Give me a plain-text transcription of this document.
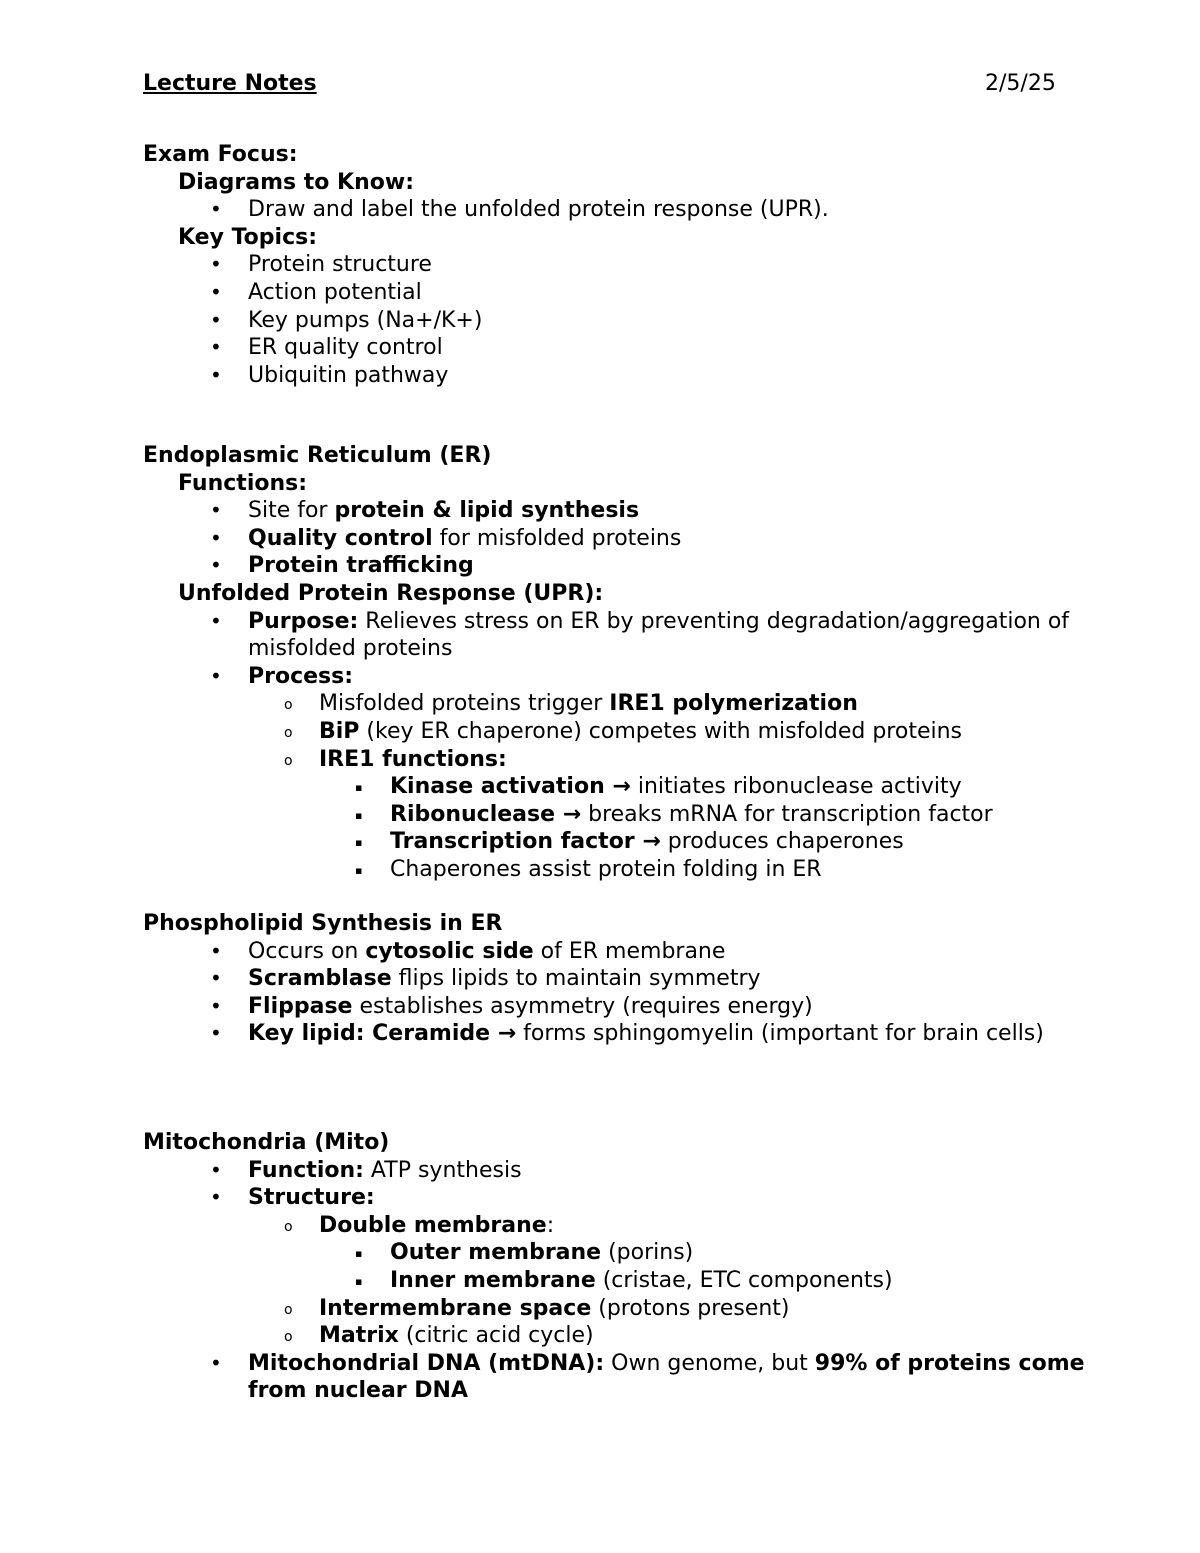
Lecture Notes	2/5/25
Exam Focus:
Diagrams to Know:
• Draw and label the unfolded protein response (UPR).
Key Topics:
• Protein structure
• Action potential
• Key pumps (Na+/K+)
• ER quality control
• Ubiquitin pathway
Endoplasmic Reticulum (ER)
Functions:
• Site for protein & lipid synthesis
• Quality control for misfolded proteins
• Protein trafficking
Unfolded Protein Response (UPR):
• Purpose: Relieves stress on ER by preventing degradation/aggregation of misfolded proteins
• Process:
o Misfolded proteins trigger IRE1 polymerization
o BiP (key ER chaperone) competes with misfolded proteins
o IRE1 functions:
▪ Kinase activation → initiates ribonuclease activity
▪ Ribonuclease → breaks mRNA for transcription factor
▪ Transcription factor → produces chaperones
▪ Chaperones assist protein folding in ER
Phospholipid Synthesis in ER
• Occurs on cytosolic side of ER membrane
• Scramblase flips lipids to maintain symmetry
• Flippase establishes asymmetry (requires energy)
• Key lipid: Ceramide → forms sphingomyelin (important for brain cells)
Mitochondria (Mito)
• Function: ATP synthesis
• Structure:
o Double membrane:
▪ Outer membrane (porins)
▪ Inner membrane (cristae, ETC components)
o Intermembrane space (protons present)
o Matrix (citric acid cycle)
• Mitochondrial DNA (mtDNA): Own genome, but 99% of proteins come from nuclear DNA
